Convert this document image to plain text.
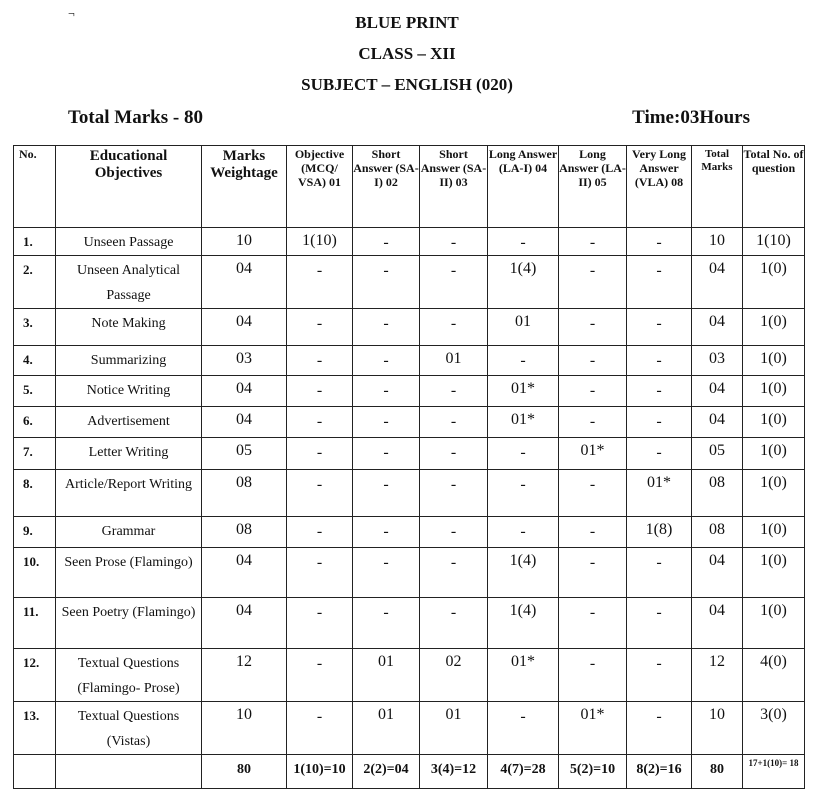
¬	BLUE PRINT
CLASS – XII
SUBJECT – ENGLISH (020)
Total Marks - 80	Time:03Hours
No.	Educational Objectives	Marks Weightage	Objective (MCQ/ VSA) 01	Short Answer (SA-I) 02	Short Answer (SA-II) 03	Long Answer (LA-I) 04	Long Answer (LA-II) 05	Very Long Answer (VLA) 08	Total Marks	Total No. of question
1.	Unseen Passage	10	1(10)	-	-	-	-	-	10	1(10)
2.	Unseen Analytical Passage	04	-	-	-	1(4)	-	-	04	1(0)
3.	Note Making	04	-	-	-	01	-	-	04	1(0)
4.	Summarizing	03	-	-	01	-	-	-	03	1(0)
5.	Notice Writing	04	-	-	-	01*	-	-	04	1(0)
6.	Advertisement	04	-	-	-	01*	-	-	04	1(0)
7.	Letter Writing	05	-	-	-	-	01*	-	05	1(0)
8.	Article/Report Writing	08	-	-	-	-	-	01*	08	1(0)
9.	Grammar	08	-	-	-	-	-	1(8)	08	1(0)
10.	Seen Prose (Flamingo)	04	-	-	-	1(4)	-	-	04	1(0)
11.	Seen Poetry (Flamingo)	04	-	-	-	1(4)	-	-	04	1(0)
12.	Textual Questions (Flamingo- Prose)	12	-	01	02	01*	-	-	12	4(0)
13.	Textual Questions (Vistas)	10	-	01	01	-	01*	-	10	3(0)
		80	1(10)=10	2(2)=04	3(4)=12	4(7)=28	5(2)=10	8(2)=16	80	17+1(10)= 18
